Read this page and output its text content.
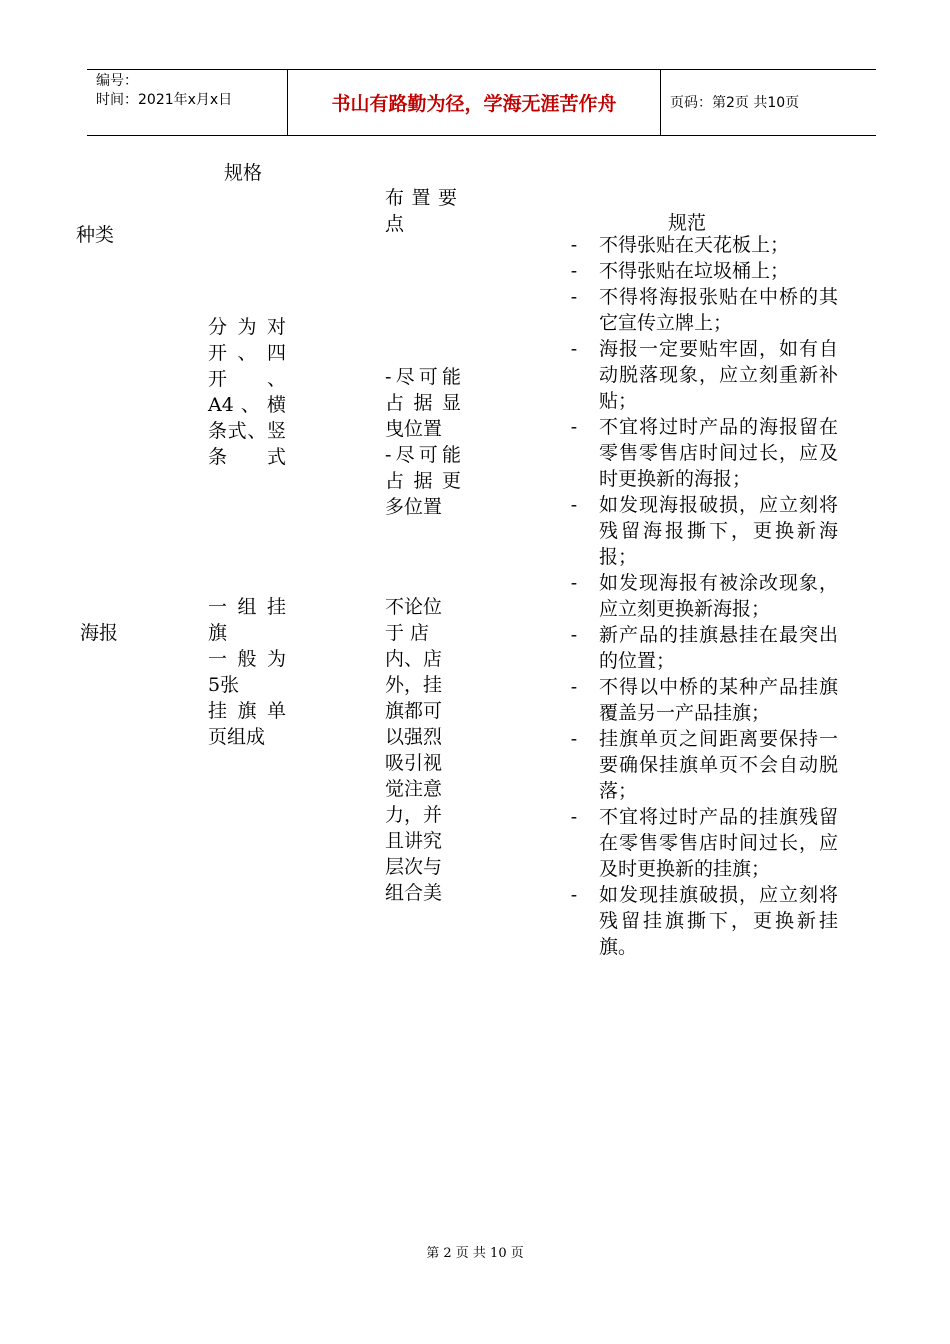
编号：
时间：2021年x月x日	书山有路勤为径，学海无涯苦作舟	页码：第2页 共10页
规格
布置要点
种类
规范
海报
分为对开、四开、A4、横条式、竖条式
一组挂
旗
一般为
5张
挂旗单
页组成
-尽可能
占据显
曳位置
-尽可能
占据更
多位置
不论位于 店内、店外，挂旗都可以强烈吸引视觉注意力，并且讲究层次与组合美
- 不得张贴在天花板上；
- 不得张贴在垃圾桶上；
- 不得将海报张贴在中桥的其它宣传立牌上；
- 海报一定要贴牢固，如有自动脱落现象，应立刻重新补贴；
- 不宜将过时产品的海报留在零售零售店时间过长，应及时更换新的海报；
- 如发现海报破损，应立刻将残留海报撕下，更换新海报；
- 如发现海报有被涂改现象，应立刻更换新海报；
- 新产品的挂旗悬挂在最突出的位置；
- 不得以中桥的某种产品挂旗覆盖另一产品挂旗；
- 挂旗单页之间距离要保持一要确保挂旗单页不会自动脱落；
- 不宜将过时产品的挂旗残留在零售零售店时间过长，应及时更换新的挂旗；
- 如发现挂旗破损，应立刻将残留挂旗撕下，更换新挂旗。
第 2 页 共 10 页
